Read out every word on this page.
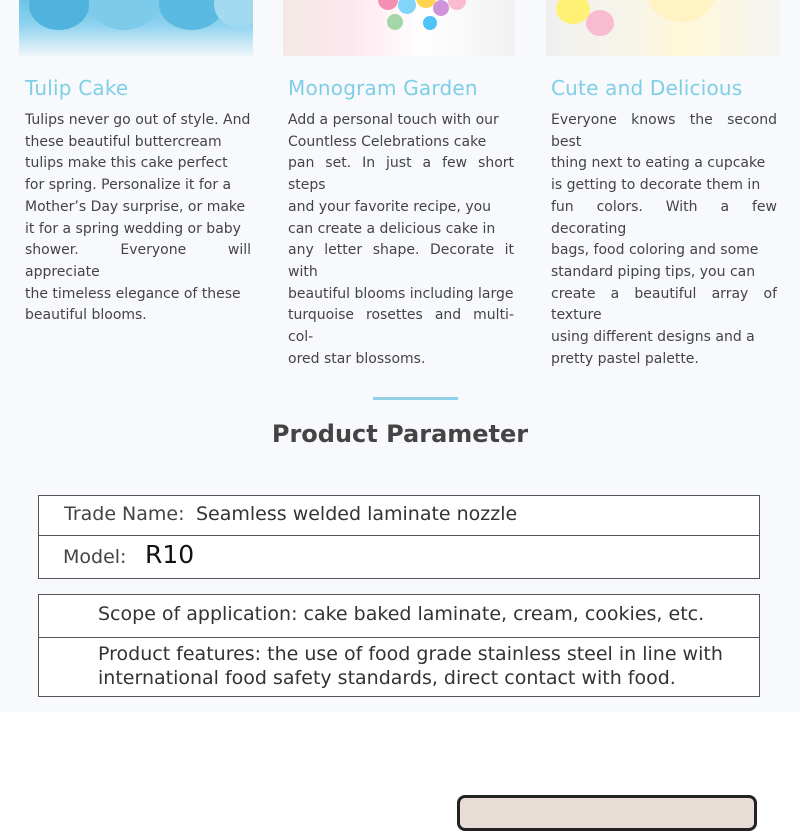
Tulip Cake
Tulips never go out of style. And
these beautiful buttercream
tulips make this cake perfect
for spring. Personalize it for a
Mother’s Day surprise, or make
it for a spring wedding or baby
shower. Everyone will appreciate
the timeless elegance of these
beautiful blooms.
Monogram Garden
Add a personal touch with our
Countless Celebrations cake
pan set. In just a few short steps
and your favorite recipe, you
can create a delicious cake in
any letter shape. Decorate it with
beautiful blooms including large
turquoise rosettes and multi-col-
ored star blossoms.
Cute and Delicious
Everyone knows the second best
thing next to eating a cupcake
is getting to decorate them in
fun colors. With a few decorating
bags, food coloring and some
standard piping tips, you can
create a beautiful array of texture
using different designs and a
pretty pastel palette.
Product Parameter
Trade Name: Seamless welded laminate nozzle
Model: R10
Scope of application: cake baked laminate, cream, cookies, etc.
Product features: the use of food grade stainless steel in line with
international food safety standards, direct contact with food.
